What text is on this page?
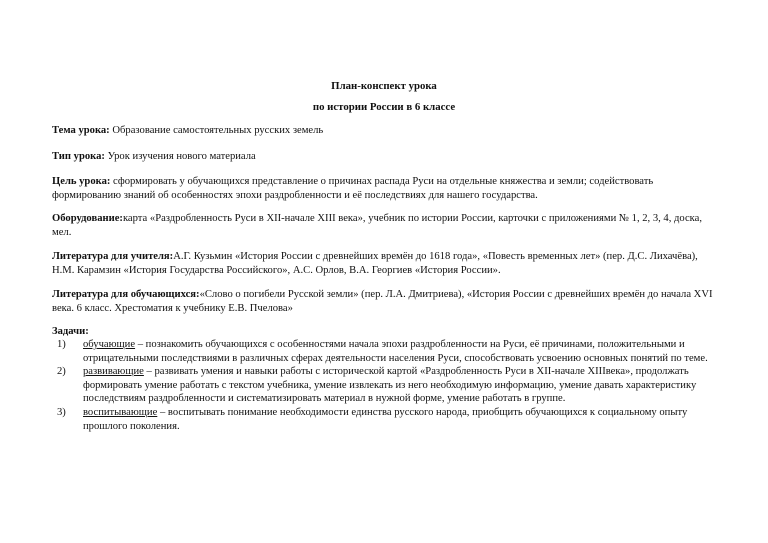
План-конспект урока
по истории России в 6 классе

Тема урока: Образование самостоятельных русских земель

Тип урока: Урок изучения нового материала

Цель урока: сформировать у обучающихся представление о причинах распада Руси на отдельные княжества и земли; содействовать формированию знаний об особенностях эпохи раздробленности и её последствиях для нашего государства.

Оборудование:карта «Раздробленность Руси в XII-начале XIII века», учебник по истории России, карточки с приложениями № 1, 2, 3, 4, доска, мел.

Литература для учителя:А.Г. Кузьмин «История России с древнейших времён до 1618 года», «Повесть временных лет» (пер. Д.С. Лихачёва), Н.М. Карамзин «История Государства Российского», А.С. Орлов, В.А. Георгиев «История России».

Литература для обучающихся:«Слово о погибели Русской земли» (пер. Л.А. Дмитриева), «История России с древнейших времён до начала XVI века. 6 класс. Хрестоматия к учебнику Е.В. Пчелова»

Задачи:

1) обучающие – познакомить обучающихся с особенностями начала эпохи раздробленности на Руси, её причинами, положительными и отрицательными последствиями в различных сферах деятельности населения Руси, способствовать усвоению основных понятий по теме.
2) развивающие – развивать умения и навыки работы с исторической картой «Раздробленность Руси в XII-начале XIIIвека», продолжать формировать умение работать с текстом учебника, умение извлекать из него необходимую информацию, умение давать характеристику последствиям раздробленности и систематизировать материал в нужной форме, умение работать в группе.
3) воспитывающие – воспитывать понимание необходимости единства русского народа, приобщить обучающихся к социальному опыту прошлого поколения.
